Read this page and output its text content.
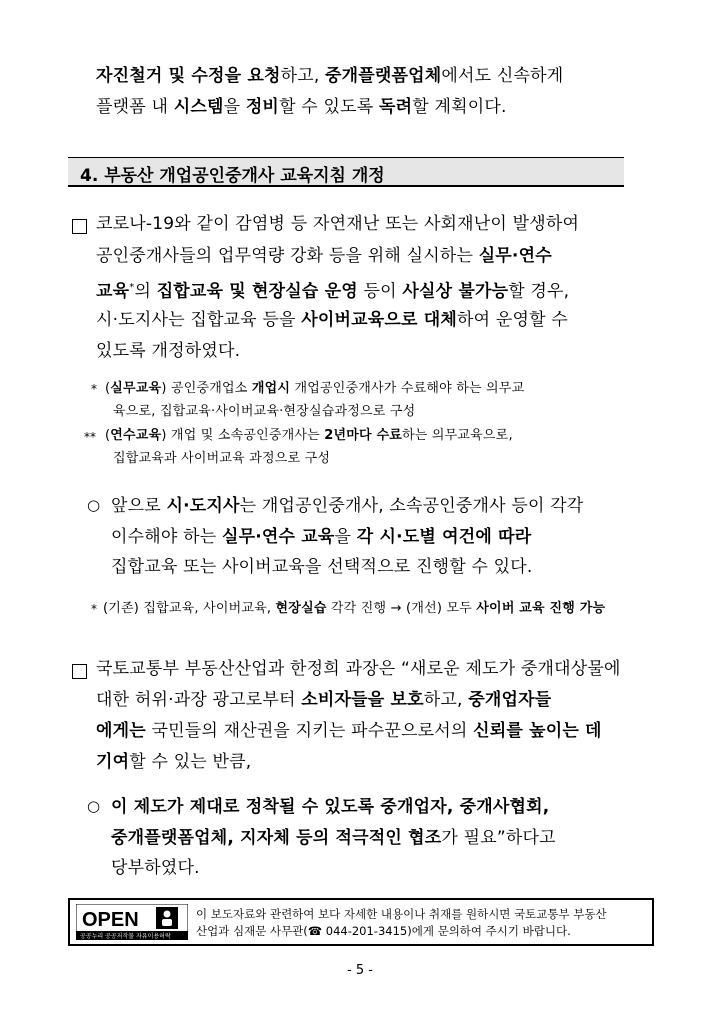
자진철거 및 수정을 요청하고, 중개플랫폼업체에서도 신속하게
플랫폼 내 시스템을 정비할 수 있도록 독려할 계획이다.
4. 부동산 개업공인중개사 교육지침 개정
코로나-19와 같이 감염병 등 자연재난 또는 사회재난이 발생하여
공인중개사들의 업무역량 강화 등을 위해 실시하는 실무·연수
교육*의 집합교육 및 현장실습 운영 등이 사실상 불가능할 경우,
시·도지사는 집합교육 등을 사이버교육으로 대체하여 운영할 수
있도록 개정하였다.
* (실무교육) 공인중개업소 개업시 개업공인중개사가 수료해야 하는 의무교
육으로, 집합교육·사이버교육·현장실습과정으로 구성
** (연수교육) 개업 및 소속공인중개사는 2년마다 수료하는 의무교육으로,
집합교육과 사이버교육 과정으로 구성
○ 앞으로 시·도지사는 개업공인중개사, 소속공인중개사 등이 각각
이수해야 하는 실무·연수 교육을 각 시·도별 여건에 따라
집합교육 또는 사이버교육을 선택적으로 진행할 수 있다.
* (기존) 집합교육, 사이버교육, 현장실습 각각 진행 → (개선) 모두 사이버 교육 진행 가능
국토교통부 부동산산업과 한정희 과장은 “새로운 제도가 중개대상물에
대한 허위·과장 광고로부터 소비자들을 보호하고, 중개업자들
에게는 국민들의 재산권을 지키는 파수꾼으로서의 신뢰를 높이는 데
기여할 수 있는 반큼,
○ 이 제도가 제대로 정착될 수 있도록 중개업자, 중개사협회,
중개플랫폼업체, 지자체 등의 적극적인 협조가 필요”하다고
당부하였다.
OPEN
공공누리 공공저작물 자유이용허락
이 보도자료와 관련하여 보다 자세한 내용이나 취재를 원하시면 국토교통부 부동산
산업과 심재문 사무관(☎ 044-201-3415)에게 문의하여 주시기 바랍니다.
- 5 -
